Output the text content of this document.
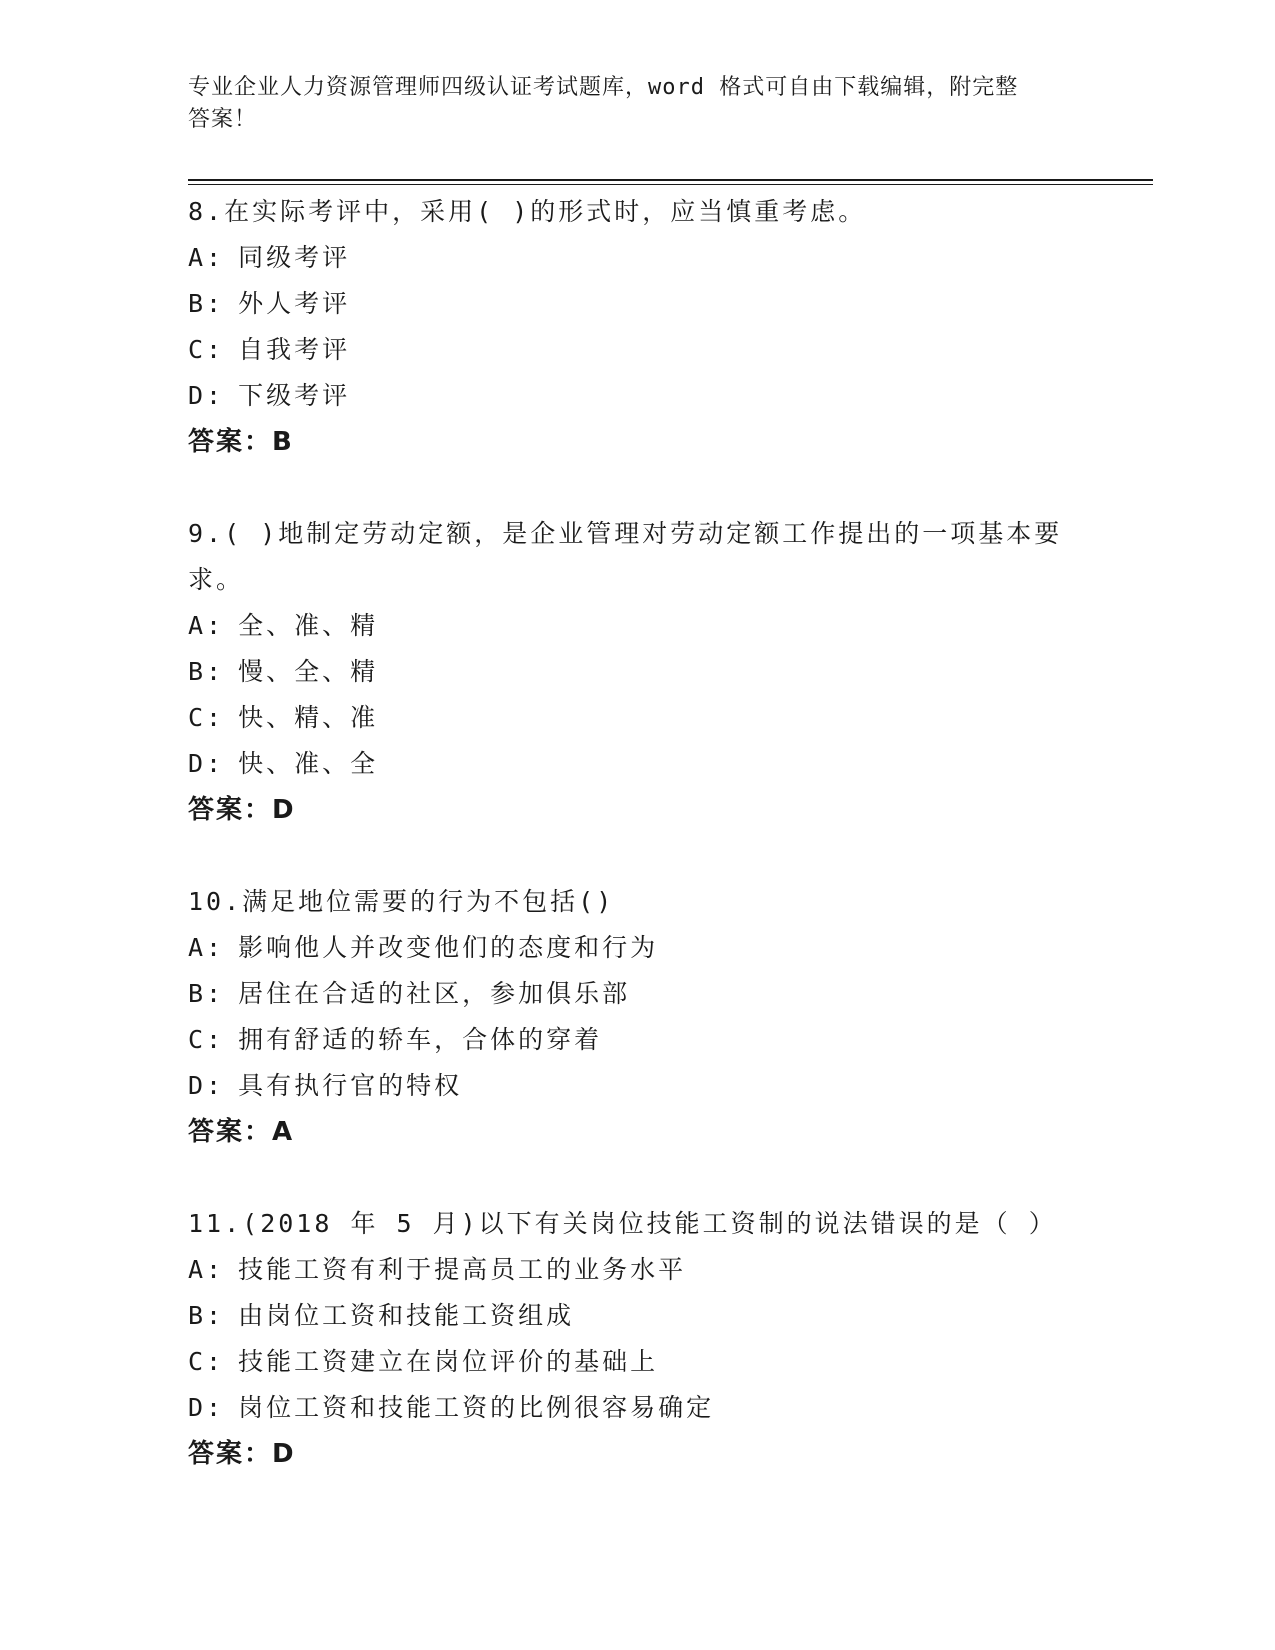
专业企业人力资源管理师四级认证考试题库，word 格式可自由下载编辑，附完整
答案！
8.在实际考评中，采用( )的形式时，应当慎重考虑。
A: 同级考评
B: 外人考评
C: 自我考评
D: 下级考评
答案：B
9.( )地制定劳动定额，是企业管理对劳动定额工作提出的一项基本要求。
A: 全、准、精
B: 慢、全、精
C: 快、精、准
D: 快、准、全
答案：D
10.满足地位需要的行为不包括()
A: 影响他人并改变他们的态度和行为
B: 居住在合适的社区，参加俱乐部
C: 拥有舒适的轿车，合体的穿着
D: 具有执行官的特权
答案：A
11.(2018 年 5 月)以下有关岗位技能工资制的说法错误的是（ ）
A: 技能工资有利于提高员工的业务水平
B: 由岗位工资和技能工资组成
C: 技能工资建立在岗位评价的基础上
D: 岗位工资和技能工资的比例很容易确定
答案：D
